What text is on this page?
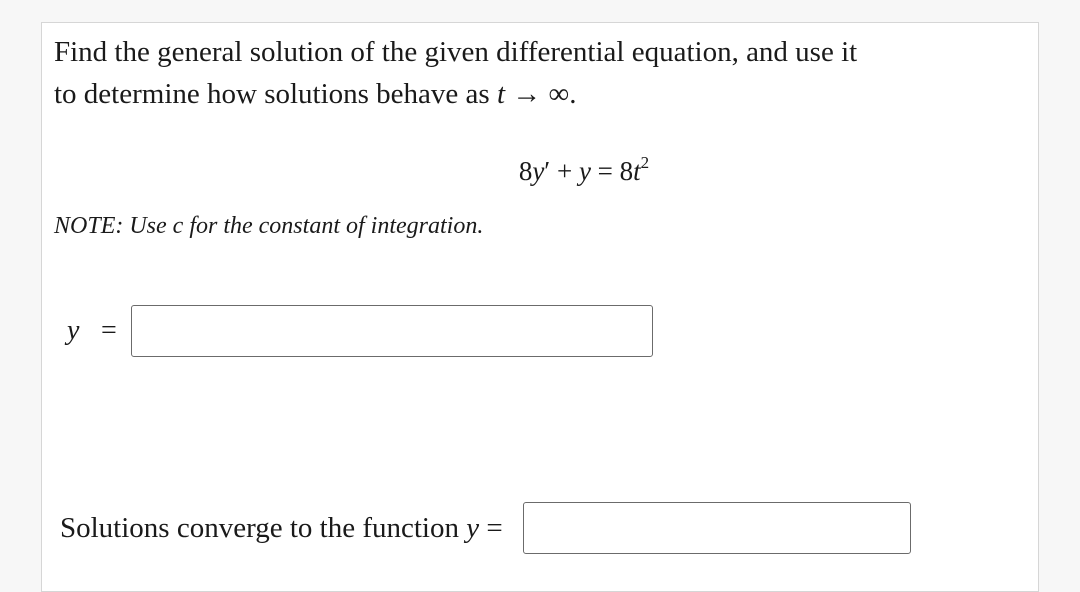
Find the general solution of the given differential equation, and use it
to determine how solutions behave as t → ∞.

$8y' + y = 8t^2$
NOTE: Use c for the constant of integration.
y =
Solutions converge to the function y =
